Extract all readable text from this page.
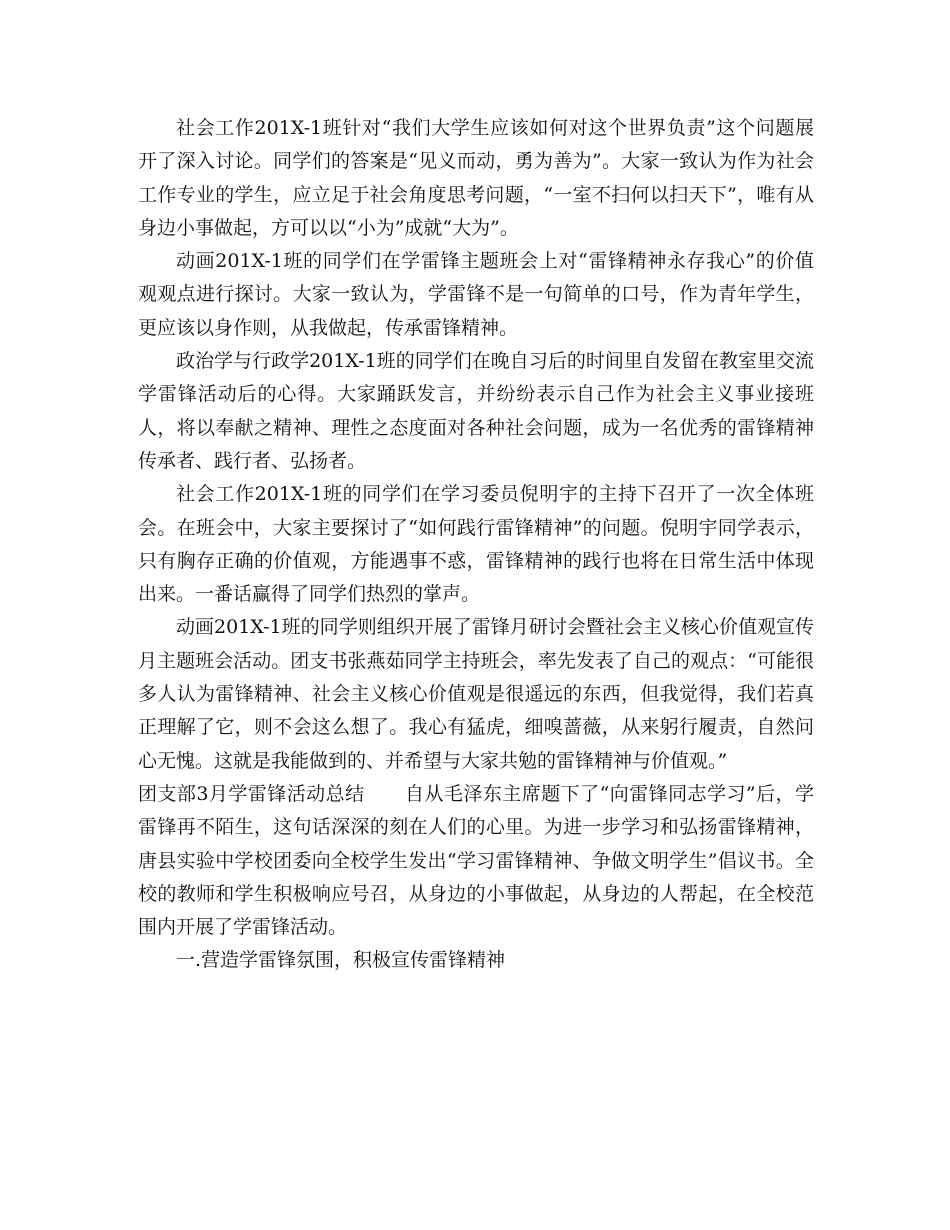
社会工作201X-1班针对“我们大学生应该如何对这个世界负责”这个问题展开了深入讨论。同学们的答案是“见义而动，勇为善为”。大家一致认为作为社会工作专业的学生，应立足于社会角度思考问题，“一室不扫何以扫天下”，唯有从身边小事做起，方可以以“小为”成就“大为”。

动画201X-1班的同学们在学雷锋主题班会上对“雷锋精神永存我心”的价值观观点进行探讨。大家一致认为，学雷锋不是一句简单的口号，作为青年学生，更应该以身作则，从我做起，传承雷锋精神。

政治学与行政学201X-1班的同学们在晚自习后的时间里自发留在教室里交流学雷锋活动后的心得。大家踊跃发言，并纷纷表示自己作为社会主义事业接班人，将以奉献之精神、理性之态度面对各种社会问题，成为一名优秀的雷锋精神传承者、践行者、弘扬者。

社会工作201X-1班的同学们在学习委员倪明宇的主持下召开了一次全体班会。在班会中，大家主要探讨了“如何践行雷锋精神”的问题。倪明宇同学表示，只有胸存正确的价值观，方能遇事不惑，雷锋精神的践行也将在日常生活中体现出来。一番话赢得了同学们热烈的掌声。

动画201X-1班的同学则组织开展了雷锋月研讨会暨社会主义核心价值观宣传月主题班会活动。团支书张燕茹同学主持班会，率先发表了自己的观点：“可能很多人认为雷锋精神、社会主义核心价值观是很遥远的东西，但我觉得，我们若真正理解了它，则不会这么想了。我心有猛虎，细嗅蔷薇，从来躬行履责，自然问心无愧。这就是我能做到的、并希望与大家共勉的雷锋精神与价值观。”

团支部3月学雷锋活动总结 自从毛泽东主席题下了“向雷锋同志学习”后，学雷锋再不陌生，这句话深深的刻在人们的心里。为进一步学习和弘扬雷锋精神，唐县实验中学校团委向全校学生发出“学习雷锋精神、争做文明学生”倡议书。全校的教师和学生积极响应号召，从身边的小事做起，从身边的人帮起，在全校范围内开展了学雷锋活动。

一.营造学雷锋氛围，积极宣传雷锋精神
